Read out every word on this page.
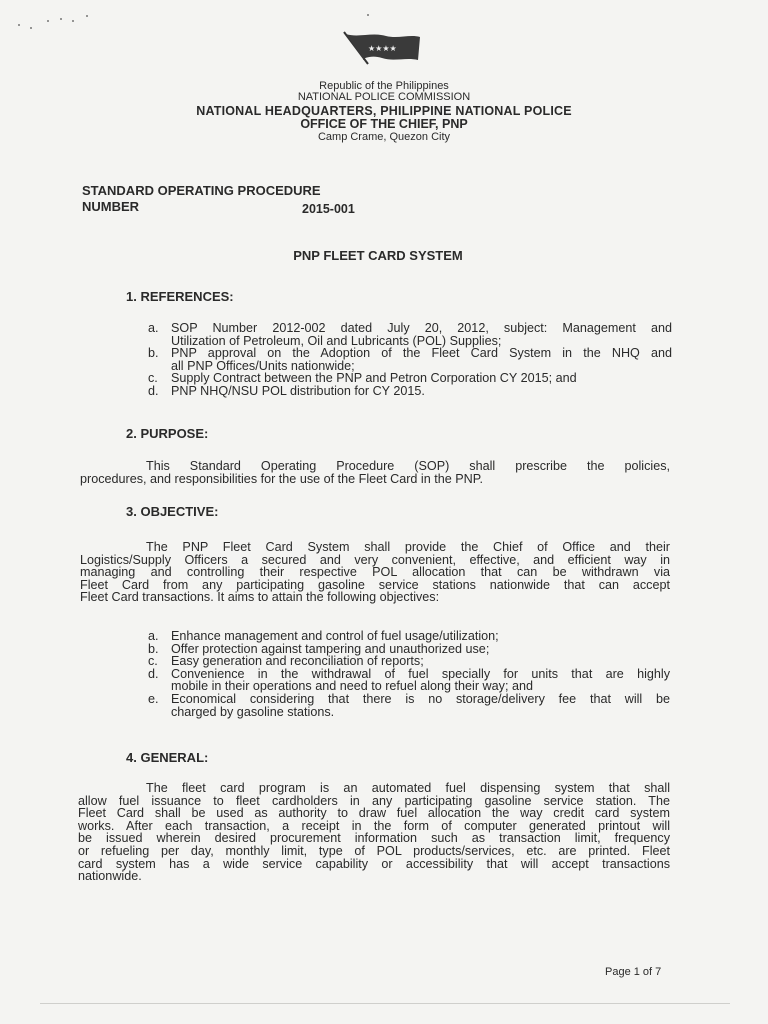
★★★★
Republic of the Philippines
NATIONAL POLICE COMMISSION
NATIONAL HEADQUARTERS, PHILIPPINE NATIONAL POLICE
OFFICE OF THE CHIEF, PNP
Camp Crame, Quezon City
STANDARD OPERATING PROCEDURE
NUMBER	2015-001
PNP FLEET CARD SYSTEM
1. REFERENCES:
a. SOP Number 2012-002 dated July 20, 2012, subject: Management and
Utilization of Petroleum, Oil and Lubricants (POL) Supplies;
b. PNP approval on the Adoption of the Fleet Card System in the NHQ and
all PNP Offices/Units nationwide;
c.	Supply Contract between the PNP and Petron Corporation CY 2015; and
d. PNP NHQ/NSU POL distribution for CY 2015.
2. PURPOSE:
This Standard Operating Procedure (SOP) shall prescribe the policies,
procedures, and responsibilities for the use of the Fleet Card in the PNP.
3. OBJECTIVE:
The PNP Fleet Card System shall provide the Chief of Office and their
Logistics/Supply Officers a secured and very convenient, effective, and efficient way in
managing and controlling their respective POL allocation that can be withdrawn via
Fleet Card from any participating gasoline service stations nationwide that can accept
Fleet Card transactions. It aims to attain the following objectives:
a. Enhance management and control of fuel usage/utilization;
b. Offer protection against tampering and unauthorized use;
c.	Easy generation and reconciliation of reports;
d. Convenience in the withdrawal of fuel specially for units that are highly
mobile in their operations and need to refuel along their way; and
e. Economical considering that there is no storage/delivery fee that will be
charged by gasoline stations.
4. GENERAL:
The fleet card program is an automated fuel dispensing system that shall
allow fuel issuance to fleet cardholders in any participating gasoline service station. The
Fleet Card shall be used as authority to draw fuel allocation the way credit card system
works. After each transaction, a receipt in the form of computer generated printout will
be issued wherein desired procurement information such as transaction limit, frequency
or refueling per day, monthly limit, type of POL products/services, etc. are printed. Fleet
card system has a wide service capability or accessibility that will accept transactions
nationwide.
Page 1 of 7
